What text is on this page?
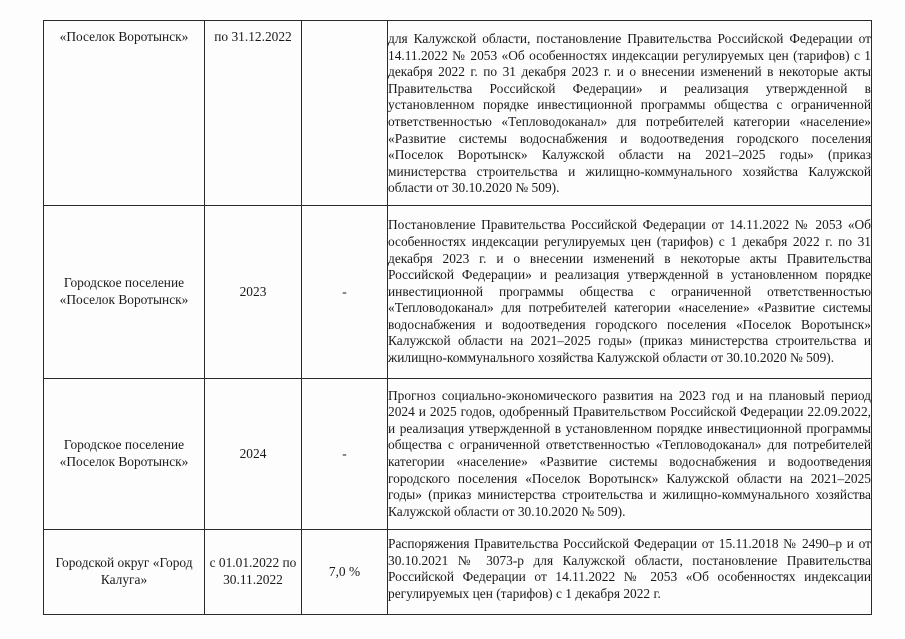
«Поселок Воротынск»	по 31.12.2022		для Калужской области, постановление Правительства Российской Федерации от 14.11.2022 № 2053 «Об особенностях индексации регулируемых цен (тарифов) с 1 декабря 2022 г. по 31 декабря 2023 г. и о внесении изменений в некоторые акты Правительства Российской Федерации» и реализация утвержденной в установленном порядке инвестиционной программы общества с ограниченной ответственностью «Тепловодоканал» для потребителей категории «население» «Развитие системы водоснабжения и водоотведения городского поселения «Поселок Воротынск» Калужской области на 2021–2025 годы» (приказ министерства строительства и жилищно-коммунального хозяйства Калужской области от 30.10.2020 № 509).

Городское поселение «Поселок Воротынск»	2023	-	Постановление Правительства Российской Федерации от 14.11.2022 № 2053 «Об особенностях индексации регулируемых цен (тарифов) с 1 декабря 2022 г. по 31 декабря 2023 г. и о внесении изменений в некоторые акты Правительства Российской Федерации» и реализация утвержденной в установленном порядке инвестиционной программы общества с ограниченной ответственностью «Тепловодоканал» для потребителей категории «население» «Развитие системы водоснабжения и водоотведения городского поселения «Поселок Воротынск» Калужской области на 2021–2025 годы» (приказ министерства строительства и жилищно-коммунального хозяйства Калужской области от 30.10.2020 № 509).

Городское поселение «Поселок Воротынск»	2024	-	Прогноз социально-экономического развития на 2023 год и на плановый период 2024 и 2025 годов, одобренный Правительством Российской Федерации 22.09.2022, и реализация утвержденной в установленном порядке инвестиционной программы общества с ограниченной ответственностью «Тепловодоканал» для потребителей категории «население» «Развитие системы водоснабжения и водоотведения городского поселения «Поселок Воротынск» Калужской области на 2021–2025 годы» (приказ министерства строительства и жилищно-коммунального хозяйства Калужской области от 30.10.2020 № 509).

Городской округ «Город Калуга»	с 01.01.2022 по 30.11.2022	7,0 %	Распоряжения Правительства Российской Федерации от 15.11.2018 № 2490–р и от 30.10.2021 № 3073-р для Калужской области, постановление Правительства Российской Федерации от 14.11.2022 № 2053 «Об особенностях индексации регулируемых цен (тарифов) с 1 декабря 2022 г.
